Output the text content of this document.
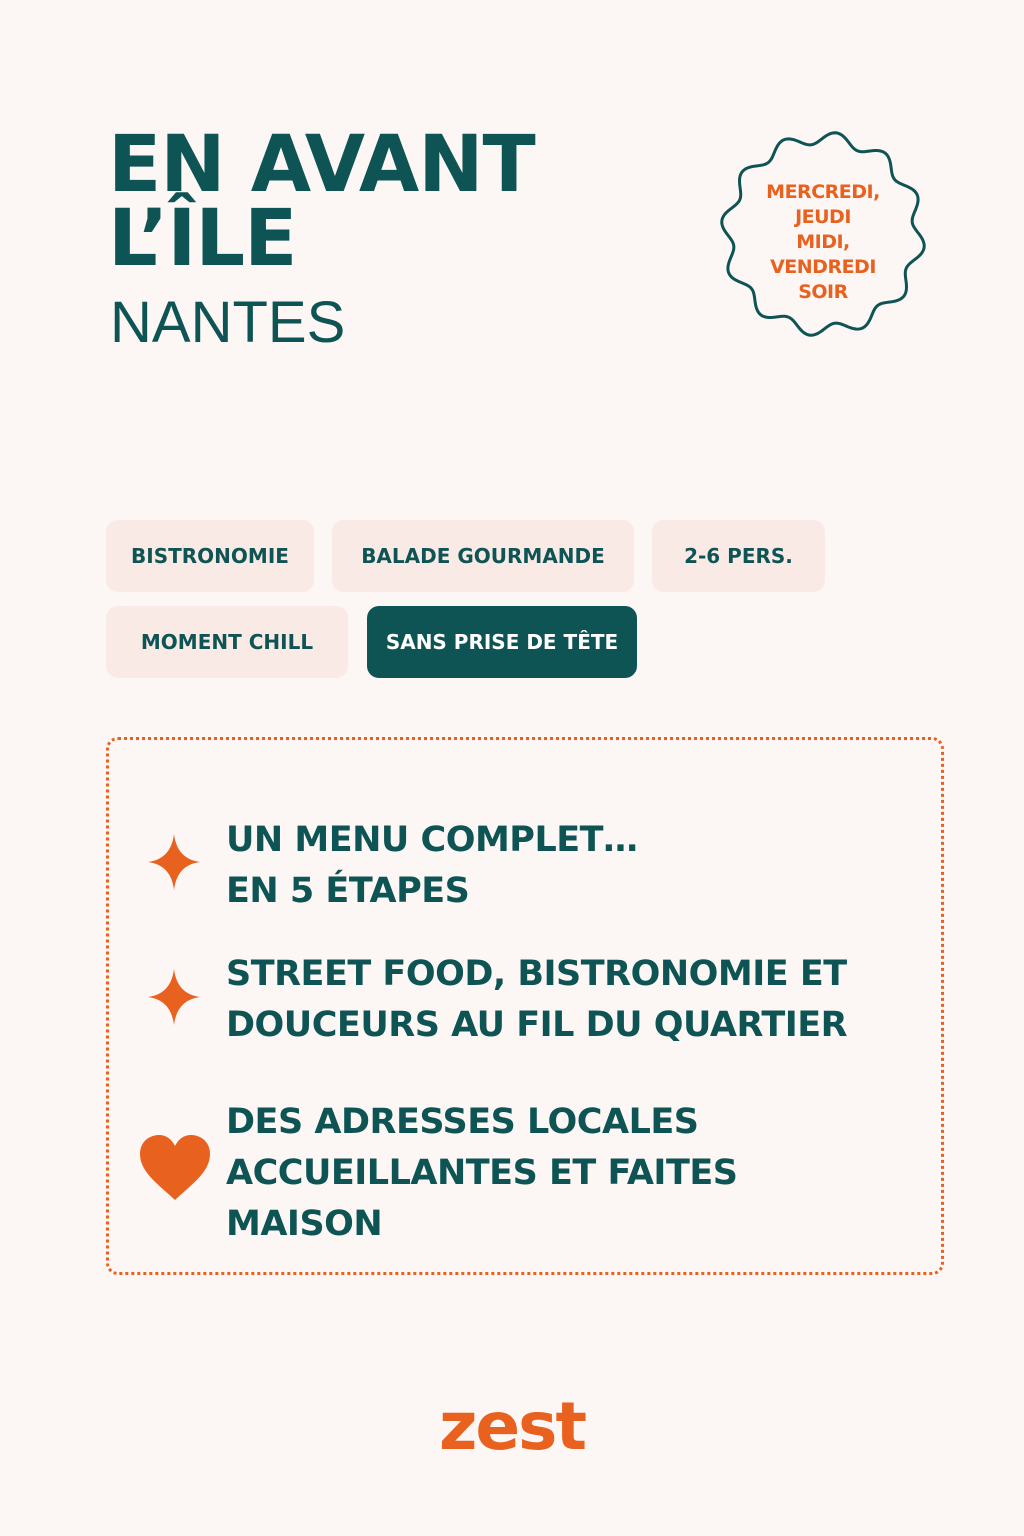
EN AVANT
L’ÎLE
NANTES
MERCREDI,
JEUDI
MIDI,
VENDREDI
SOIR
BISTRONOMIE	BALADE GOURMANDE	2-6 PERS.
MOMENT CHILL	SANS PRISE DE TÊTE
UN MENU COMPLET…
EN 5 ÉTAPES
STREET FOOD, BISTRONOMIE ET
DOUCEURS AU FIL DU QUARTIER
DES ADRESSES LOCALES
ACCUEILLANTES ET FAITES
MAISON
zest
